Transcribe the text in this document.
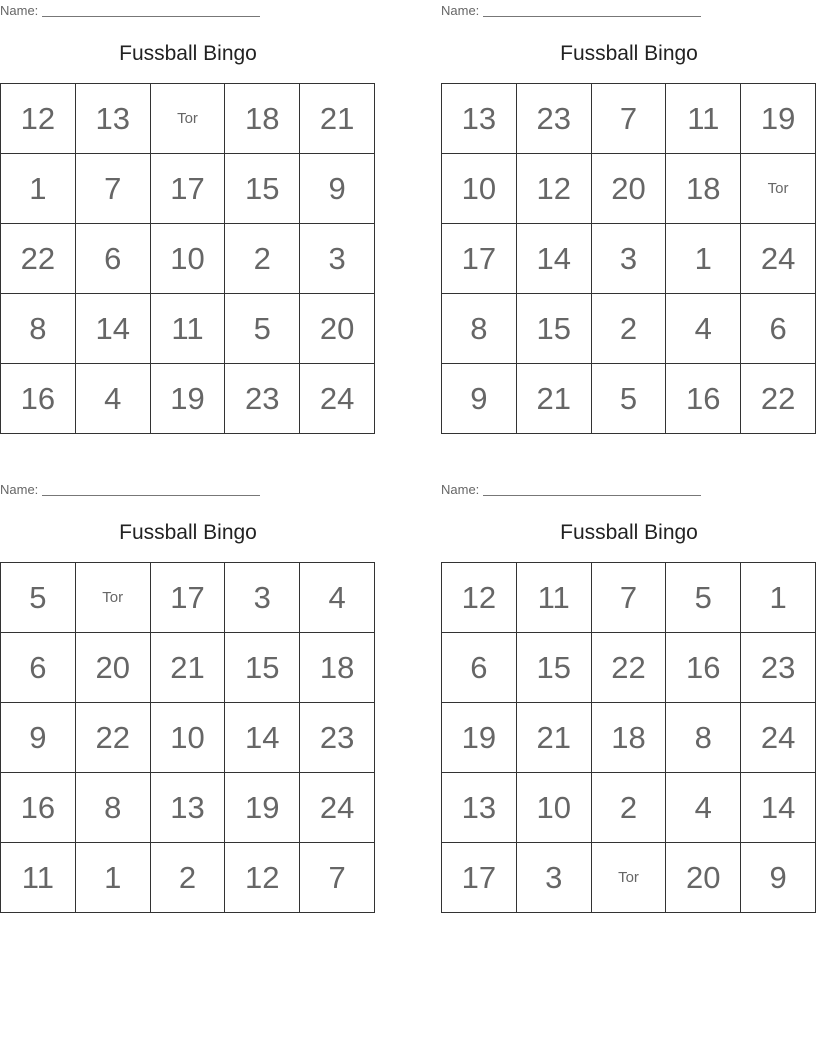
Name:
Fussball Bingo
12	13	Tor	18	21
1	7	17	15	9
22	6	10	2	3
8	14	11	5	20
16	4	19	23	24
Name:
Fussball Bingo
13	23	7	11	19
10	12	20	18	Tor
17	14	3	1	24
8	15	2	4	6
9	21	5	16	22
Name:
Fussball Bingo
5	Tor	17	3	4
6	20	21	15	18
9	22	10	14	23
16	8	13	19	24
11	1	2	12	7
Name:
Fussball Bingo
12	11	7	5	1
6	15	22	16	23
19	21	18	8	24
13	10	2	4	14
17	3	Tor	20	9
